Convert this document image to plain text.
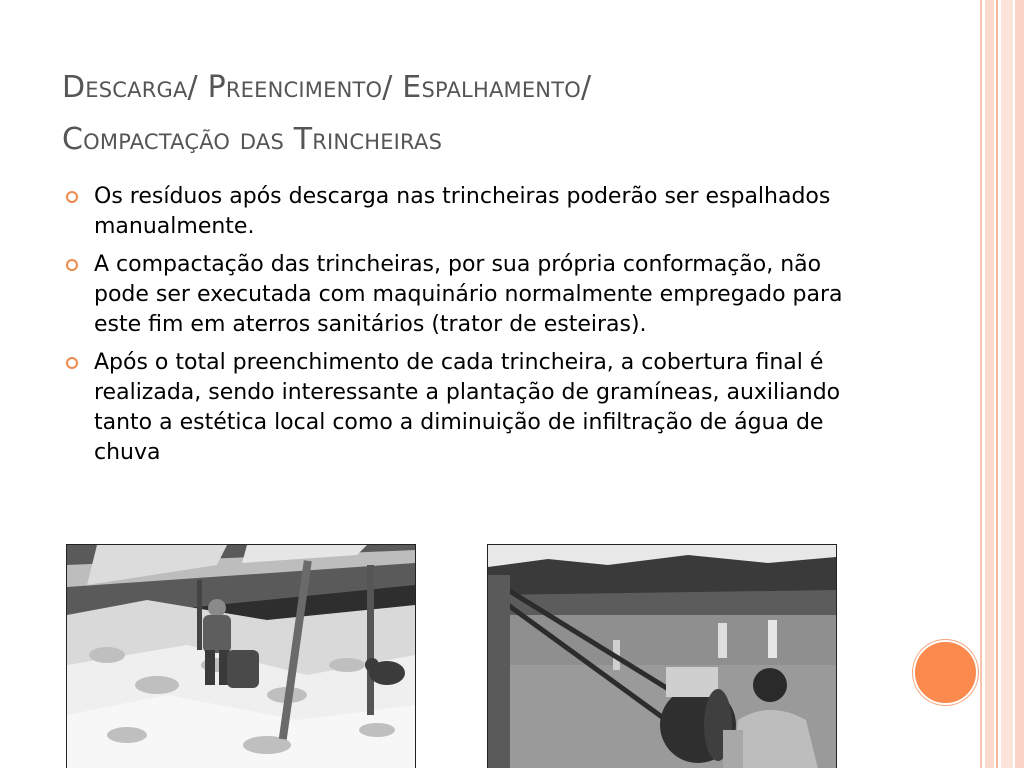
Descarga/ Preencimento/ Espalhamento/
Compactação das Trincheiras
Os resíduos após descarga nas trincheiras poderão ser espalhados manualmente.
A compactação das trincheiras, por sua própria conformação, não pode ser executada com maquinário normalmente empregado para este fim em aterros sanitários (trator de esteiras).
Após o total preenchimento de cada trincheira, a cobertura final é realizada, sendo interessante a plantação de gramíneas, auxiliando tanto a estética local como a diminuição de infiltração de água de chuva
